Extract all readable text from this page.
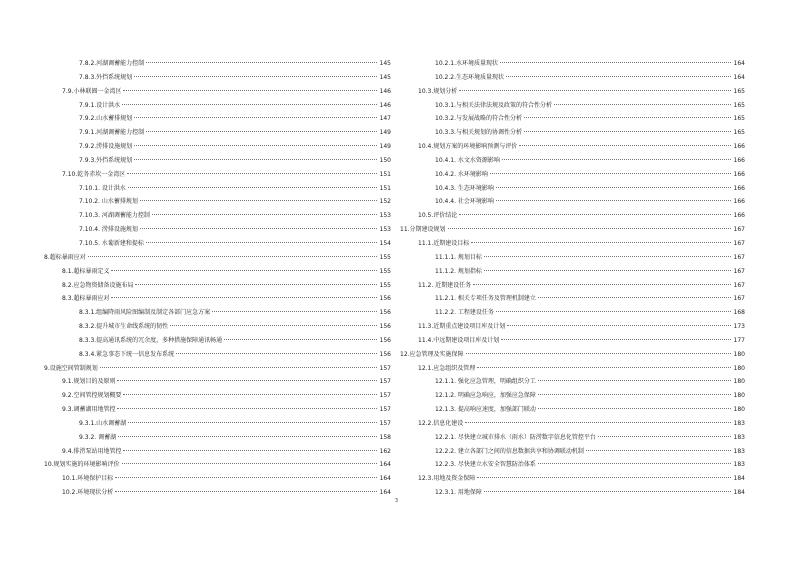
7.8.2.河湖调蓄能力控制	145
7.8.3.外挡系统规划	145
7.9.小林联圈一金湾区	146
7.9.1.设计洪水	146
7.9.2.山水蓄排规划	147
7.9.1.河湖调蓄能力控制	149
7.9.2.涝排设施规划	149
7.9.3.外挡系统规划	150
7.10.乾务赤坎一金湾区	151
7.10.1. 设计洪水	151
7.10.2. 山水蓄排规划	152
7.10.3. 河湖调蓄能力控制	153
7.10.4. 涝排设施规划	153
7.10.5. 水葡新建和提标	154
8.超标暴雨应对	155
8.1.超标暴雨定义	155
8.2.应急物资储备设施布局	155
8.3.超标暴雨应对	156
8.3.1.组编降雨风险图编制及制定各部门应急方案	156
8.3.2.提升城市生命线系统的韧性	156
8.3.3.提高通讯系统的冗余度，多种措施保障通讯畅通	156
8.3.4.紧急事态下统一信息发布系统	156
9.设施空间管制规划	157
9.1.规划目的及原则	157
9.2.空间管控规划概要	157
9.3.调蓄湖用地管控	157
9.3.1.山水调蓄湖	157
9.3.2. 调蓄湖	158
9.4.排涝泵站用地管控	162
10.规划实施的环境影响评价	164
10.1.环境保护目标	164
10.2.环境现状分析	164
10.2.1.水环境质量现状	164
10.2.2.生态环境质量现状	164
10.3.规划分析	165
10.3.1.与相关法律法规及政策的符合性分析	165
10.3.2.与发展战略的符合性分析	165
10.3.3.与相关规划的协调性分析	165
10.4.规划方案的环境影响预测与评价	166
10.4.1. 水文水资源影响	166
10.4.2. 水环境影响	166
10.4.3. 生态环境影响	166
10.4.4. 社会环境影响	166
10.5.评价结论	166
11.分期建设规划	167
11.1.近期建设目标	167
11.1.1. 规划目标	167
11.1.2. 规划指标	167
11.2. 近期建设任务	167
11.2.1. 相关专项任务及管理机制建立	167
11.2.2. 工程建设任务	168
11.3.近期重点建设项目库及计划	173
11.4.中远期建设项目库及计划	177
12.应急管理及实施保障	180
12.1.应急组织及管理	180
12.1.1. 强化应急管理，明确组织分工	180
12.1.2. 明确应急响应，加强应急保障	180
12.1.3. 提高响应速度，加强部门联动	180
12.2.信息化建设	183
12.2.1. 尽快建立城市排水（雨水）防涝数字信息化管控平台	183
12.2.2. 建立各部门之间的信息数据共享和协调联动机制	183
12.2.3. 尽快建立水安全智慧防治体系	183
12.3.用地及资金保障	184
12.3.1. 用地保障	184
3
